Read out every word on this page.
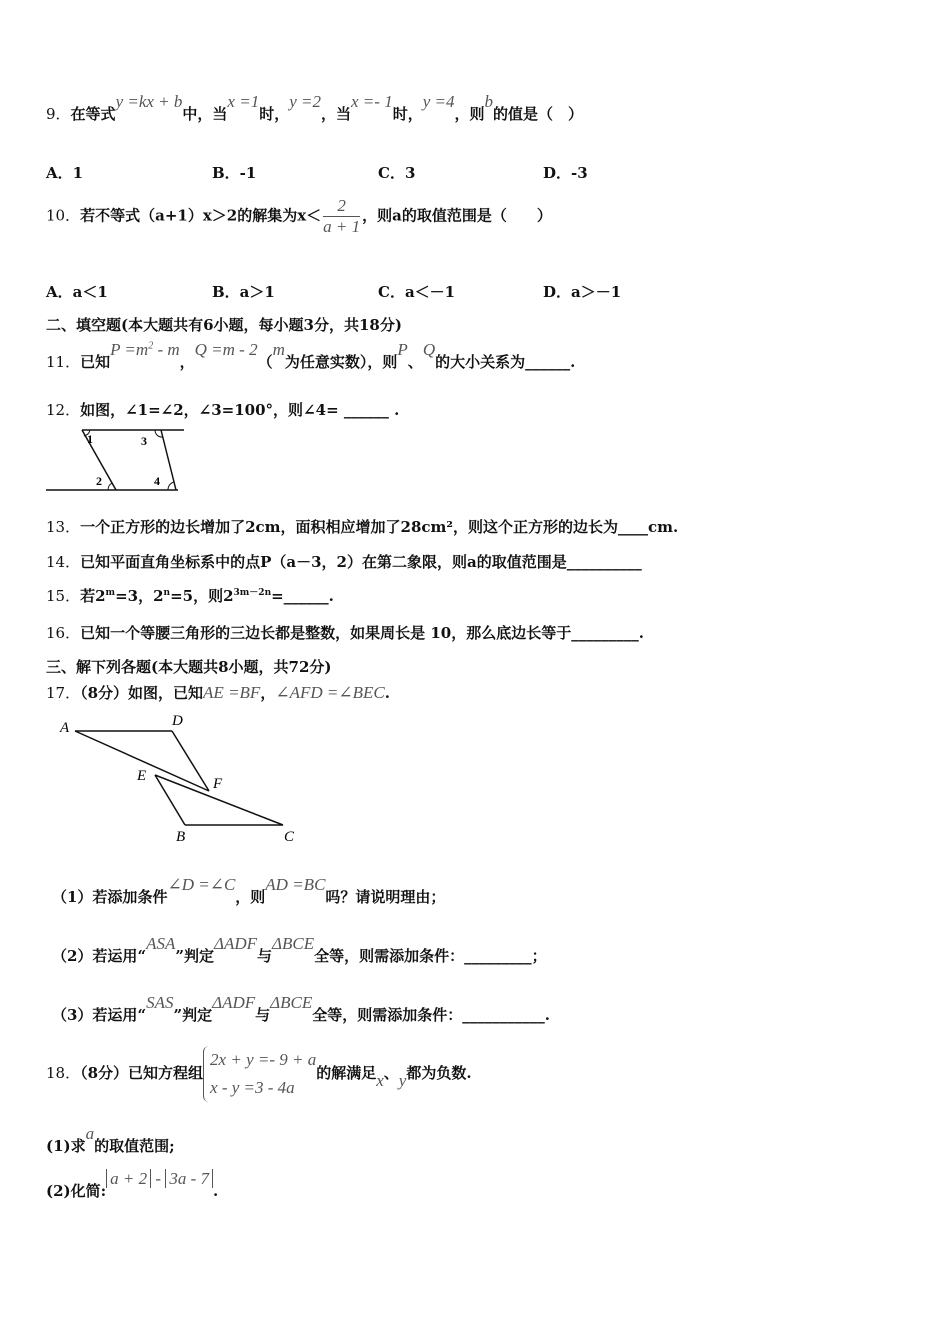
9．在等式y =kx + b中，当x =1时，y =2，当x =- 1时，y =4，则b的值是（　）
A．1	B．-1	C．3	D．-3
10．若不等式（a+1）x＞2的解集为$x< \frac{2}{a + 1}$ ，则a的取值范围是（　　）
A．a＜1	B．a＞1	C．a＜－1	D．a＞－1
二、填空题(本大题共有6小题，每小题3分，共18分)
11．已知$P =m^2 - m$，Q =m - 2（m为任意实数），则P、Q的大小关系为______.
12．如图，∠1=∠2，∠3=100°，则∠4= ______ .
1	3
2	4
13．一个正方形的边长增加了2cm，面积相应增加了28cm²，则这个正方形的边长为____cm.
14．已知平面直角坐标系中的点P（a－3，2）在第二象限，则a的取值范围是__________
15．若$2^m=3$，$2^n=5$，则$2^{3m-2n}=\_\_\_\_\_\_$.
16．已知一个等腰三角形的三边长都是整数，如果周长是 10，那么底边长等于_________.
三、解下列各题(本大题共8小题，共72分)
17．（8分）如图，已知AE =BF，∠AFD =∠BEC.
A	D
E	F
B	C
（1）若添加条件∠D =∠C，则AD =BC吗？请说明理由；
（2）若运用“ASA”判定ΔADF与ΔBCE全等，则需添加条件：_________；
（3）若运用“SAS”判定ΔADF与ΔBCE全等，则需添加条件：___________.
18．（8分）已知方程组
2x + y =- 9 + a
x - y =3 - 4a
的解满足x、y都为负数.
(1)求a的取值范围;
(2)化简:a + 2 - 3a - 7.
